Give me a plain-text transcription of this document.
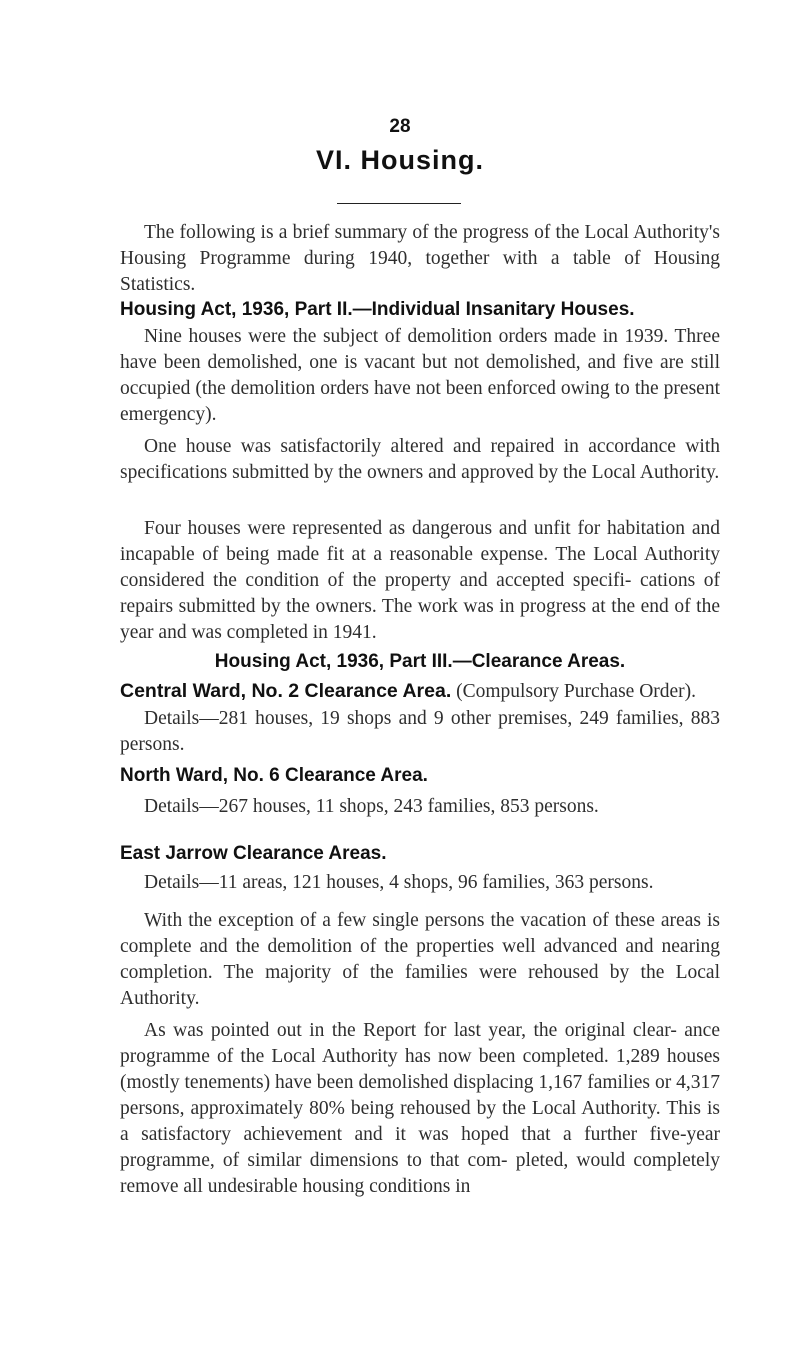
28
VI. Housing.

The following is a brief summary of the progress of the Local Authority's Housing Programme during 1940, together with a table of Housing Statistics.

Housing Act, 1936, Part II.—Individual Insanitary Houses.

Nine houses were the subject of demolition orders made in 1939. Three have been demolished, one is vacant but not demolished, and five are still occupied (the demolition orders have not been enforced owing to the present emergency).

One house was satisfactorily altered and repaired in accordance with specifications submitted by the owners and approved by the Local Authority.

Four houses were represented as dangerous and unfit for habitation and incapable of being made fit at a reasonable expense. The Local Authority considered the condition of the property and accepted specifi- cations of repairs submitted by the owners. The work was in progress at the end of the year and was completed in 1941.

Housing Act, 1936, Part III.—Clearance Areas.

Central Ward, No. 2 Clearance Area. (Compulsory Purchase Order).

Details—281 houses, 19 shops and 9 other premises, 249 families, 883 persons.

North Ward, No. 6 Clearance Area.

Details—267 houses, 11 shops, 243 families, 853 persons.

East Jarrow Clearance Areas.

Details—11 areas, 121 houses, 4 shops, 96 families, 363 persons.

With the exception of a few single persons the vacation of these areas is complete and the demolition of the properties well advanced and nearing completion. The majority of the families were rehoused by the Local Authority.

As was pointed out in the Report for last year, the original clear- ance programme of the Local Authority has now been completed. 1,289 houses (mostly tenements) have been demolished displacing 1,167 families or 4,317 persons, approximately 80% being rehoused by the Local Authority. This is a satisfactory achievement and it was hoped that a further five-year programme, of similar dimensions to that com- pleted, would completely remove all undesirable housing conditions in
